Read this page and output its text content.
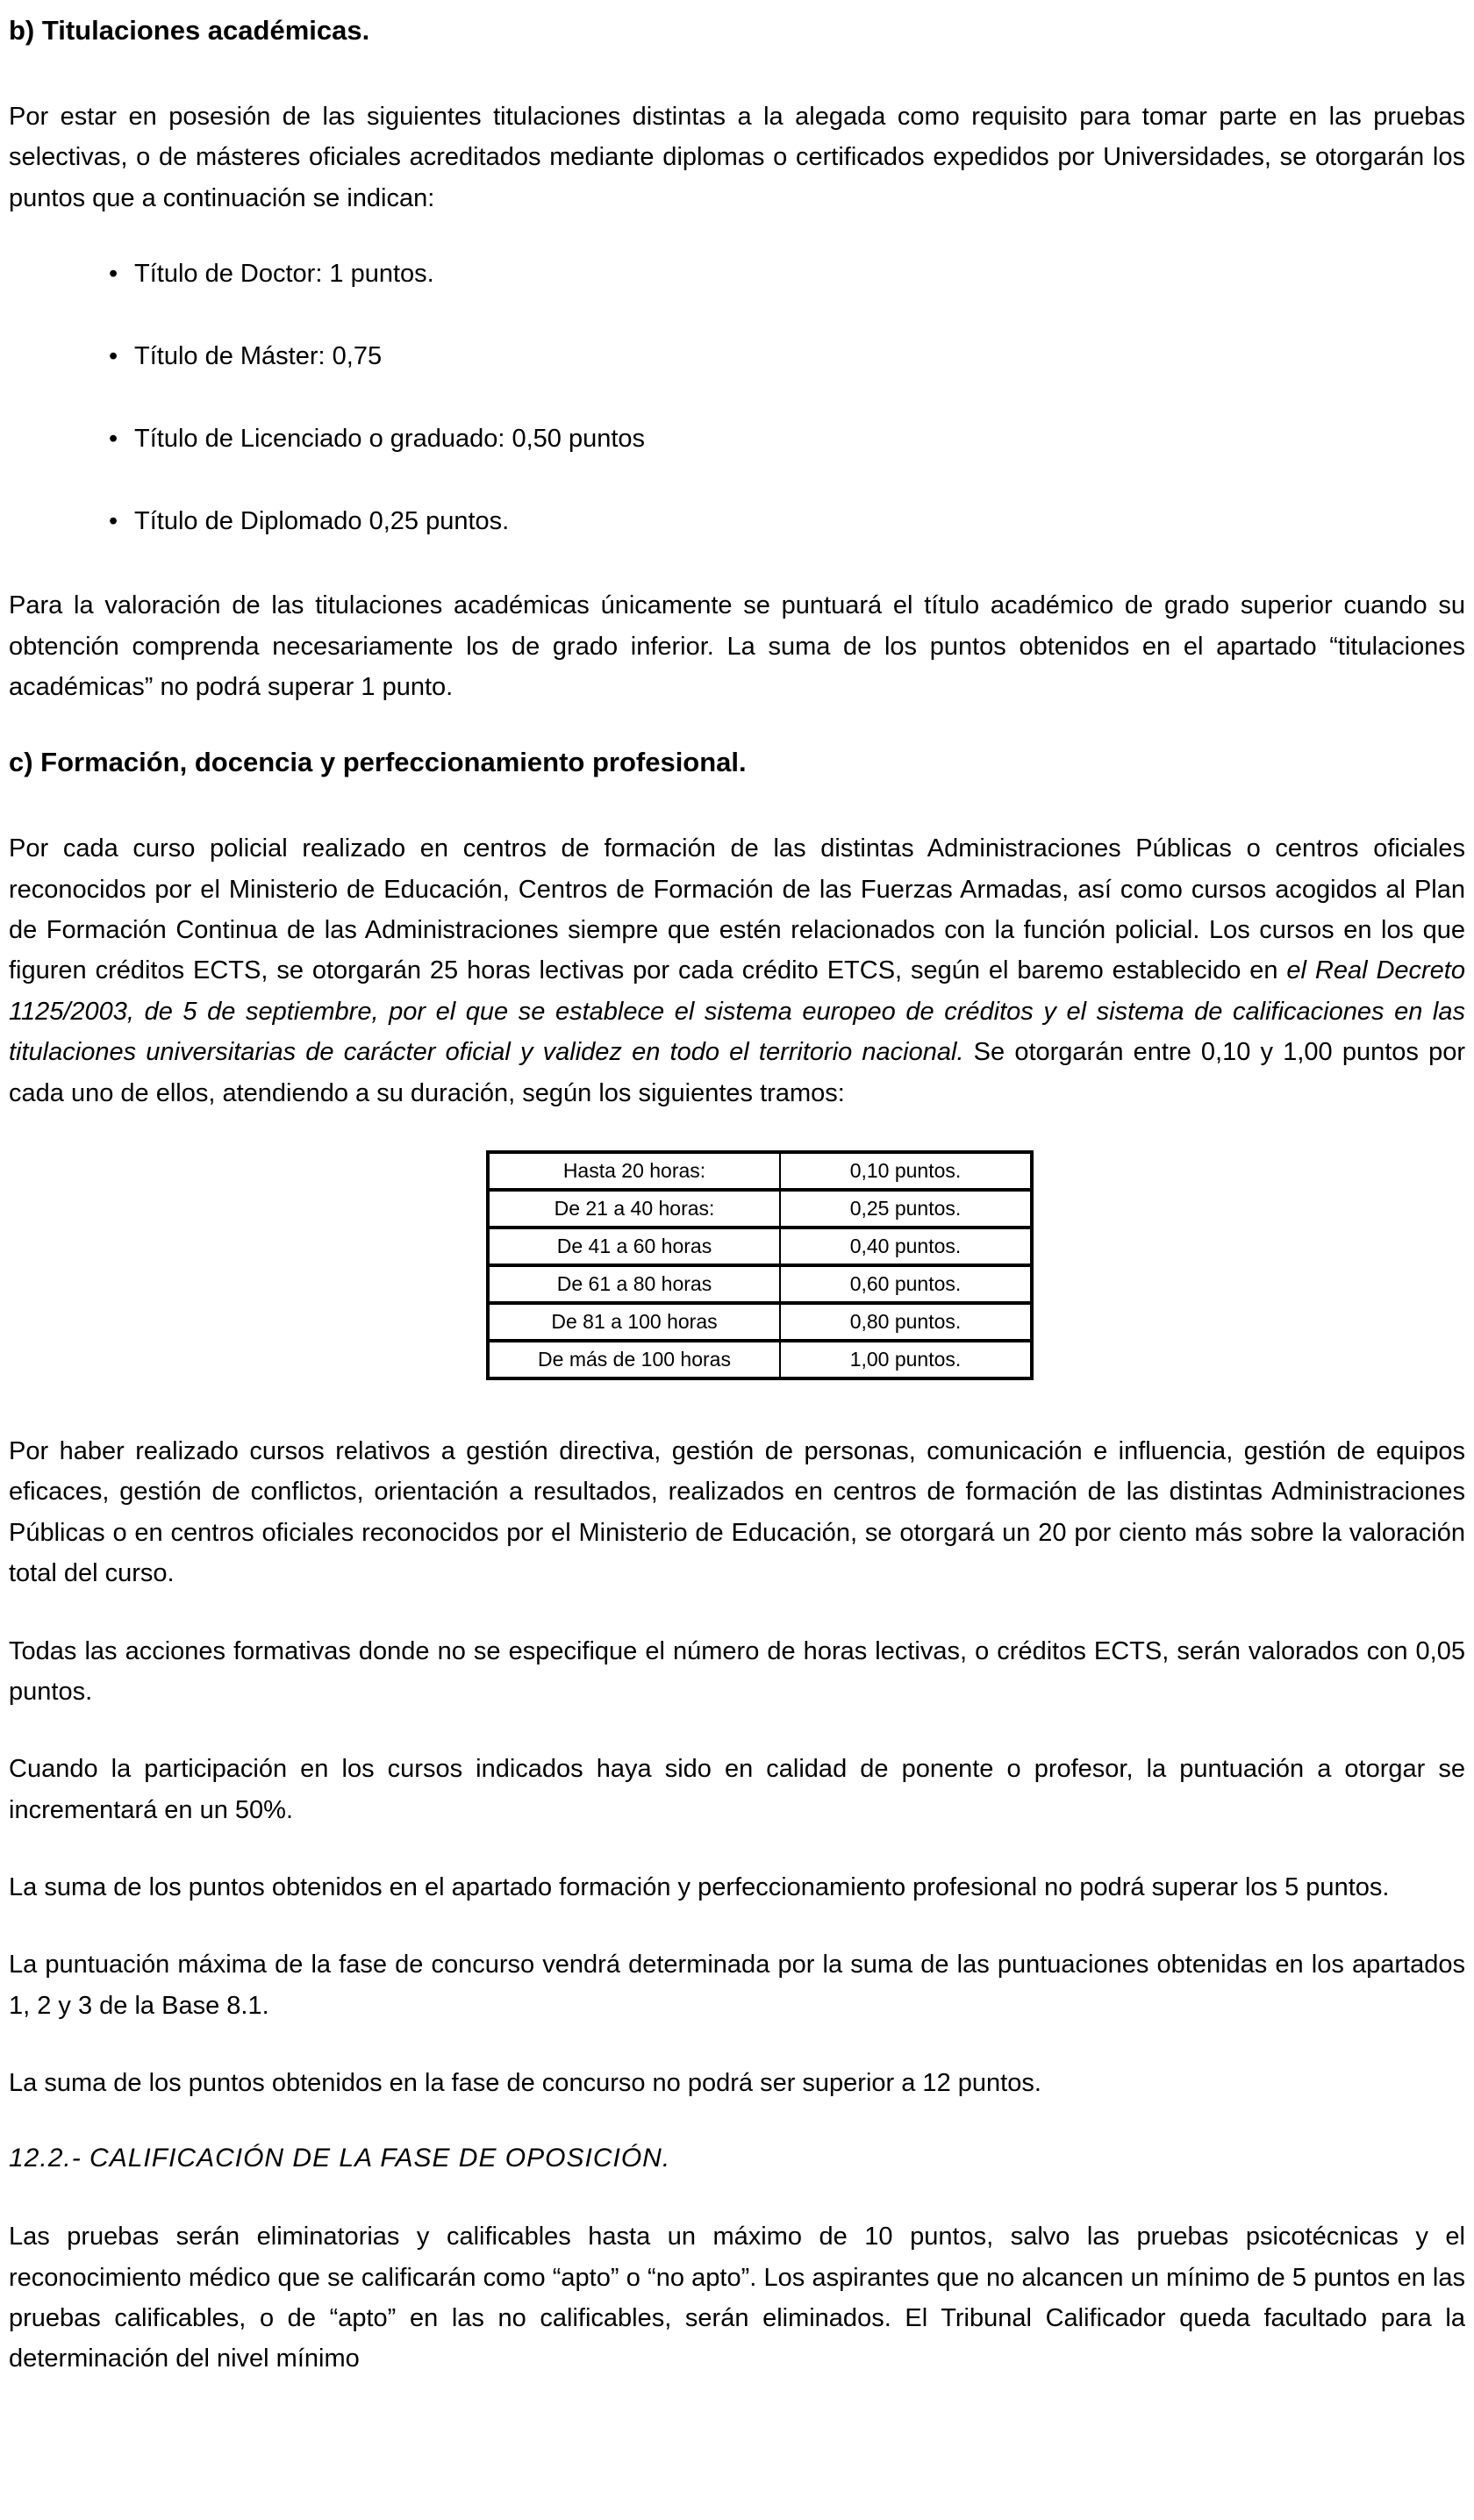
b) Titulaciones académicas.

Por estar en posesión de las siguientes titulaciones distintas a la alegada como requisito para tomar parte en las pruebas selectivas, o de másteres oficiales acreditados mediante diplomas o certificados expedidos por Universidades, se otorgarán los puntos que a continuación se indican:

• Título de Doctor: 1 puntos.
• Título de Máster: 0,75
• Título de Licenciado o graduado: 0,50 puntos
• Título de Diplomado 0,25 puntos.

Para la valoración de las titulaciones académicas únicamente se puntuará el título académico de grado superior cuando su obtención comprenda necesariamente los de grado inferior. La suma de los puntos obtenidos en el apartado “titulaciones académicas” no podrá superar 1 punto.

c) Formación, docencia y perfeccionamiento profesional.

Por cada curso policial realizado en centros de formación de las distintas Administraciones Públicas o centros oficiales reconocidos por el Ministerio de Educación, Centros de Formación de las Fuerzas Armadas, así como cursos acogidos al Plan de Formación Continua de las Administraciones siempre que estén relacionados con la función policial. Los cursos en los que figuren créditos ECTS, se otorgarán 25 horas lectivas por cada crédito ETCS, según el baremo establecido en el Real Decreto 1125/2003, de 5 de septiembre, por el que se establece el sistema europeo de créditos y el sistema de calificaciones en las titulaciones universitarias de carácter oficial y validez en todo el territorio nacional. Se otorgarán entre 0,10 y 1,00 puntos por cada uno de ellos, atendiendo a su duración, según los siguientes tramos:

Hasta 20 horas:	0,10 puntos.
De 21 a 40 horas:	0,25 puntos.
De 41 a 60 horas	0,40 puntos.
De 61 a 80 horas	0,60 puntos.
De 81 a 100 horas	0,80 puntos.
De más de 100 horas	1,00 puntos.

Por haber realizado cursos relativos a gestión directiva, gestión de personas, comunicación e influencia, gestión de equipos eficaces, gestión de conflictos, orientación a resultados, realizados en centros de formación de las distintas Administraciones Públicas o en centros oficiales reconocidos por el Ministerio de Educación, se otorgará un 20 por ciento más sobre la valoración total del curso.

Todas las acciones formativas donde no se especifique el número de horas lectivas, o créditos ECTS, serán valorados con 0,05 puntos.

Cuando la participación en los cursos indicados haya sido en calidad de ponente o profesor, la puntuación a otorgar se incrementará en un 50%.

La suma de los puntos obtenidos en el apartado formación y perfeccionamiento profesional no podrá superar los 5 puntos.

La puntuación máxima de la fase de concurso vendrá determinada por la suma de las puntuaciones obtenidas en los apartados 1, 2 y 3 de la Base 8.1.

La suma de los puntos obtenidos en la fase de concurso no podrá ser superior a 12 puntos.

12.2.- CALIFICACIÓN DE LA FASE DE OPOSICIÓN.

Las pruebas serán eliminatorias y calificables hasta un máximo de 10 puntos, salvo las pruebas psicotécnicas y el reconocimiento médico que se calificarán como “apto” o “no apto”. Los aspirantes que no alcancen un mínimo de 5 puntos en las pruebas calificables, o de “apto” en las no calificables, serán eliminados. El Tribunal Calificador queda facultado para la determinación del nivel mínimo
